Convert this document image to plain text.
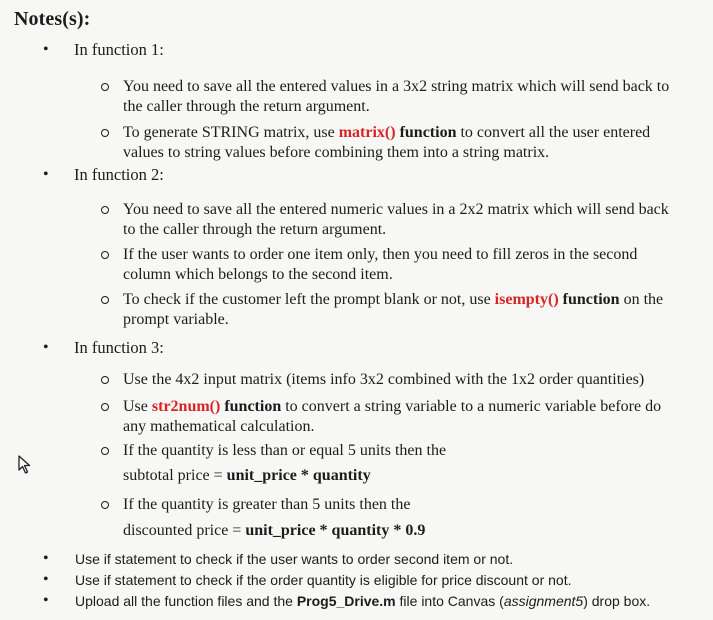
Notes(s):
• In function 1:
You need to save all the entered values in a 3x2 string matrix which will send back to
the caller through the return argument.
To generate STRING matrix, use matrix() function to convert all the user entered
values to string values before combining them into a string matrix.
• In function 2:
You need to save all the entered numeric values in a 2x2 matrix which will send back
to the caller through the return argument.
If the user wants to order one item only, then you need to fill zeros in the second
column which belongs to the second item.
To check if the customer left the prompt blank or not, use isempty() function on the
prompt variable.
• In function 3:
Use the 4x2 input matrix (items info 3x2 combined with the 1x2 order quantities)
Use str2num() function to convert a string variable to a numeric variable before do
any mathematical calculation.
If the quantity is less than or equal 5 units then the
subtotal price = unit_price * quantity
If the quantity is greater than 5 units then the
discounted price = unit_price * quantity * 0.9
• Use if statement to check if the user wants to order second item or not.
• Use if statement to check if the order quantity is eligible for price discount or not.
• Upload all the function files and the Prog5_Drive.m file into Canvas (assignment5) drop box.
